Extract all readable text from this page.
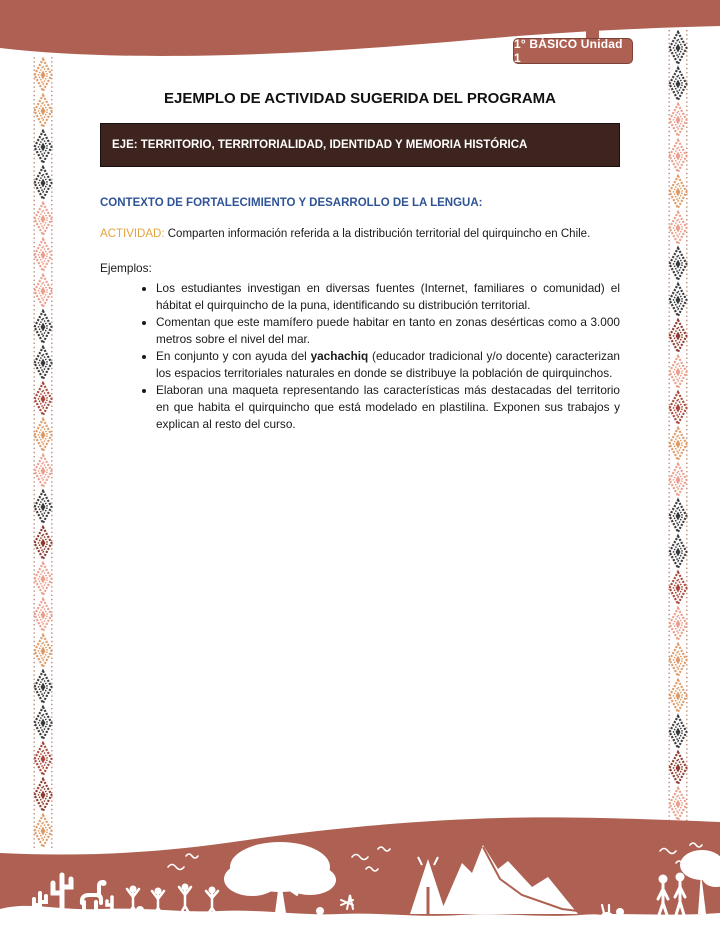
1° BÁSICO Unidad 1
EJEMPLO DE ACTIVIDAD SUGERIDA DEL PROGRAMA
EJE: TERRITORIO, TERRITORIALIDAD, IDENTIDAD Y MEMORIA HISTÓRICA
CONTEXTO DE FORTALECIMIENTO Y DESARROLLO DE LA LENGUA:
ACTIVIDAD: Comparten información referida a la distribución territorial del quirquincho en Chile.
Ejemplos:
• Los estudiantes investigan en diversas fuentes (Internet, familiares o comunidad) el hábitat el quirquincho de la puna, identificando su distribución territorial.
• Comentan que este mamífero puede habitar en tanto en zonas desérticas como a 3.000 metros sobre el nivel del mar.
• En conjunto y con ayuda del yachachiq (educador tradicional y/o docente) caracterizan los espacios territoriales naturales en donde se distribuye la población de quirquinchos.
• Elaboran una maqueta representando las características más destacadas del territorio en que habita el quirquincho que está modelado en plastilina. Exponen sus trabajos y explican al resto del curso.
